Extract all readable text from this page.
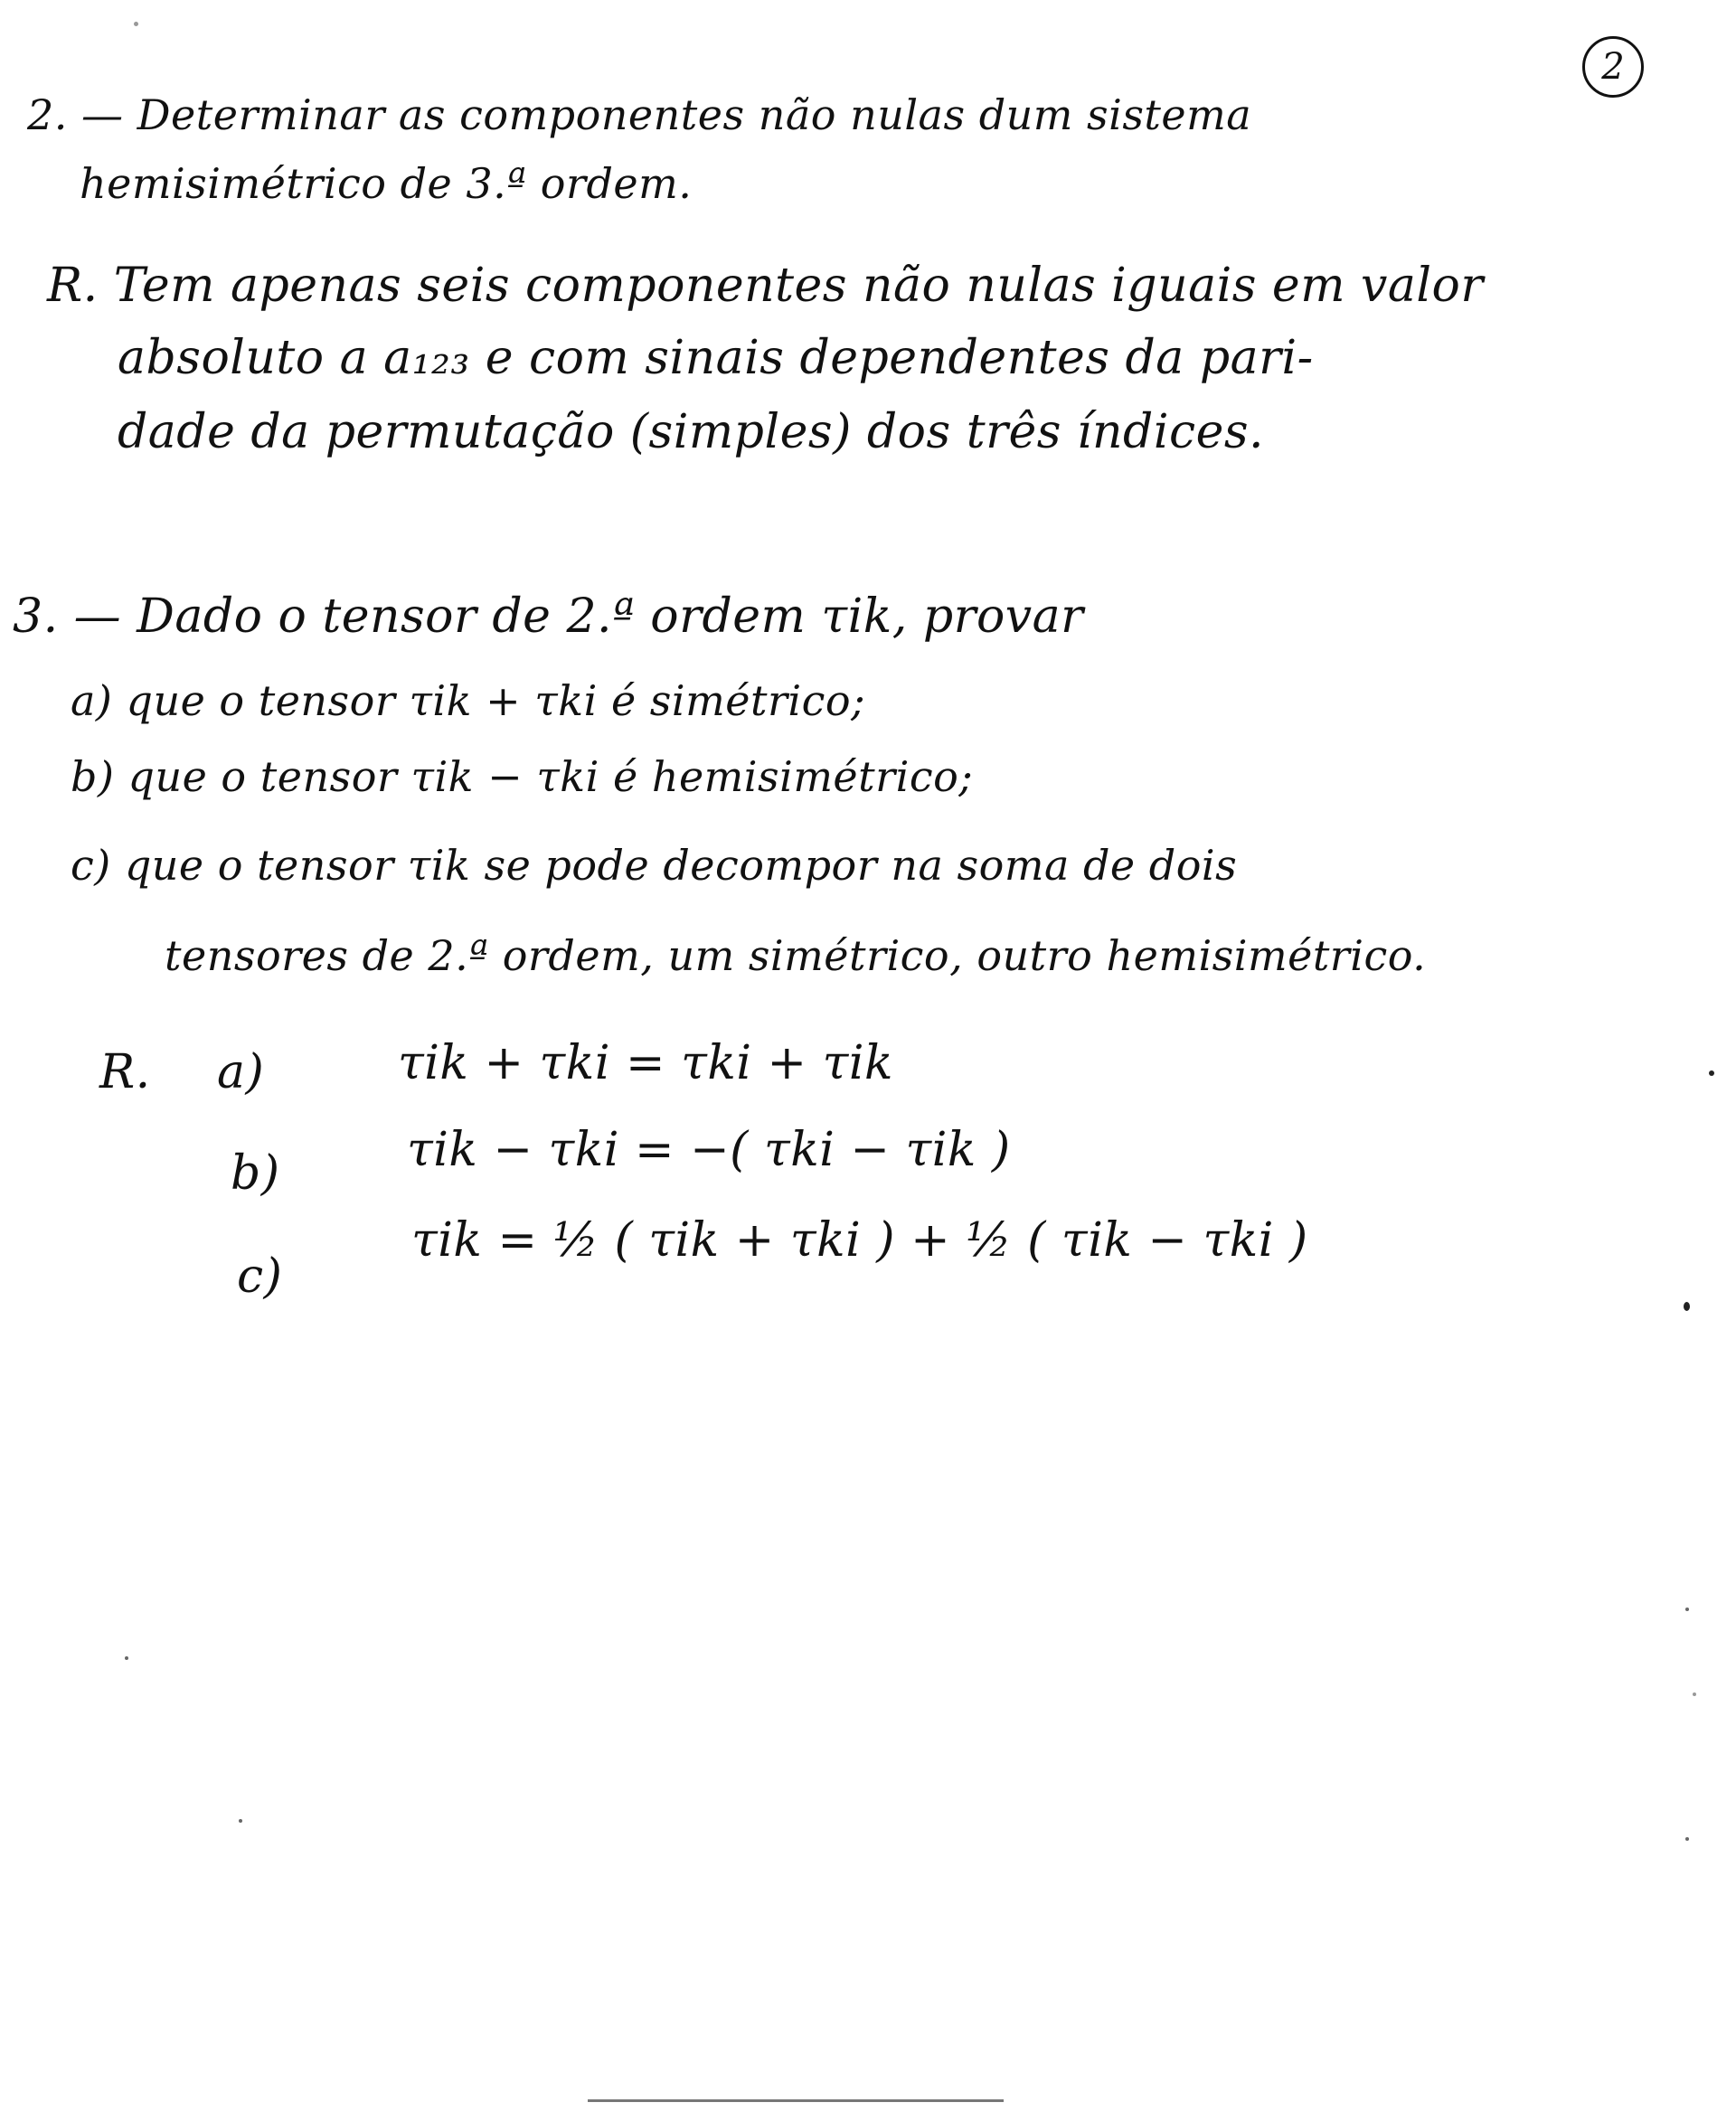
2
2. — Determinar as componentes não nulas dum sistema
hemisimétrico de 3.ª ordem.
R. Tem apenas seis componentes não nulas iguais em valor
absoluto a a₁₂₃ e com sinais dependentes da pari-
dade da permutação (simples) dos três índices.
3. — Dado o tensor de 2.ª ordem τik, provar
a) que o tensor τik + τki é simétrico;
b) que o tensor τik − τki é hemisimétrico;
c) que o tensor τik se pode decompor na soma de dois
tensores de 2.ª ordem, um simétrico, outro hemisimétrico.
R. a)	τik + τki = τki + τik
b)	τik − τki = −( τki − τik )
c)
τik = ½ ( τik + τki ) + ½ ( τik − τki )
